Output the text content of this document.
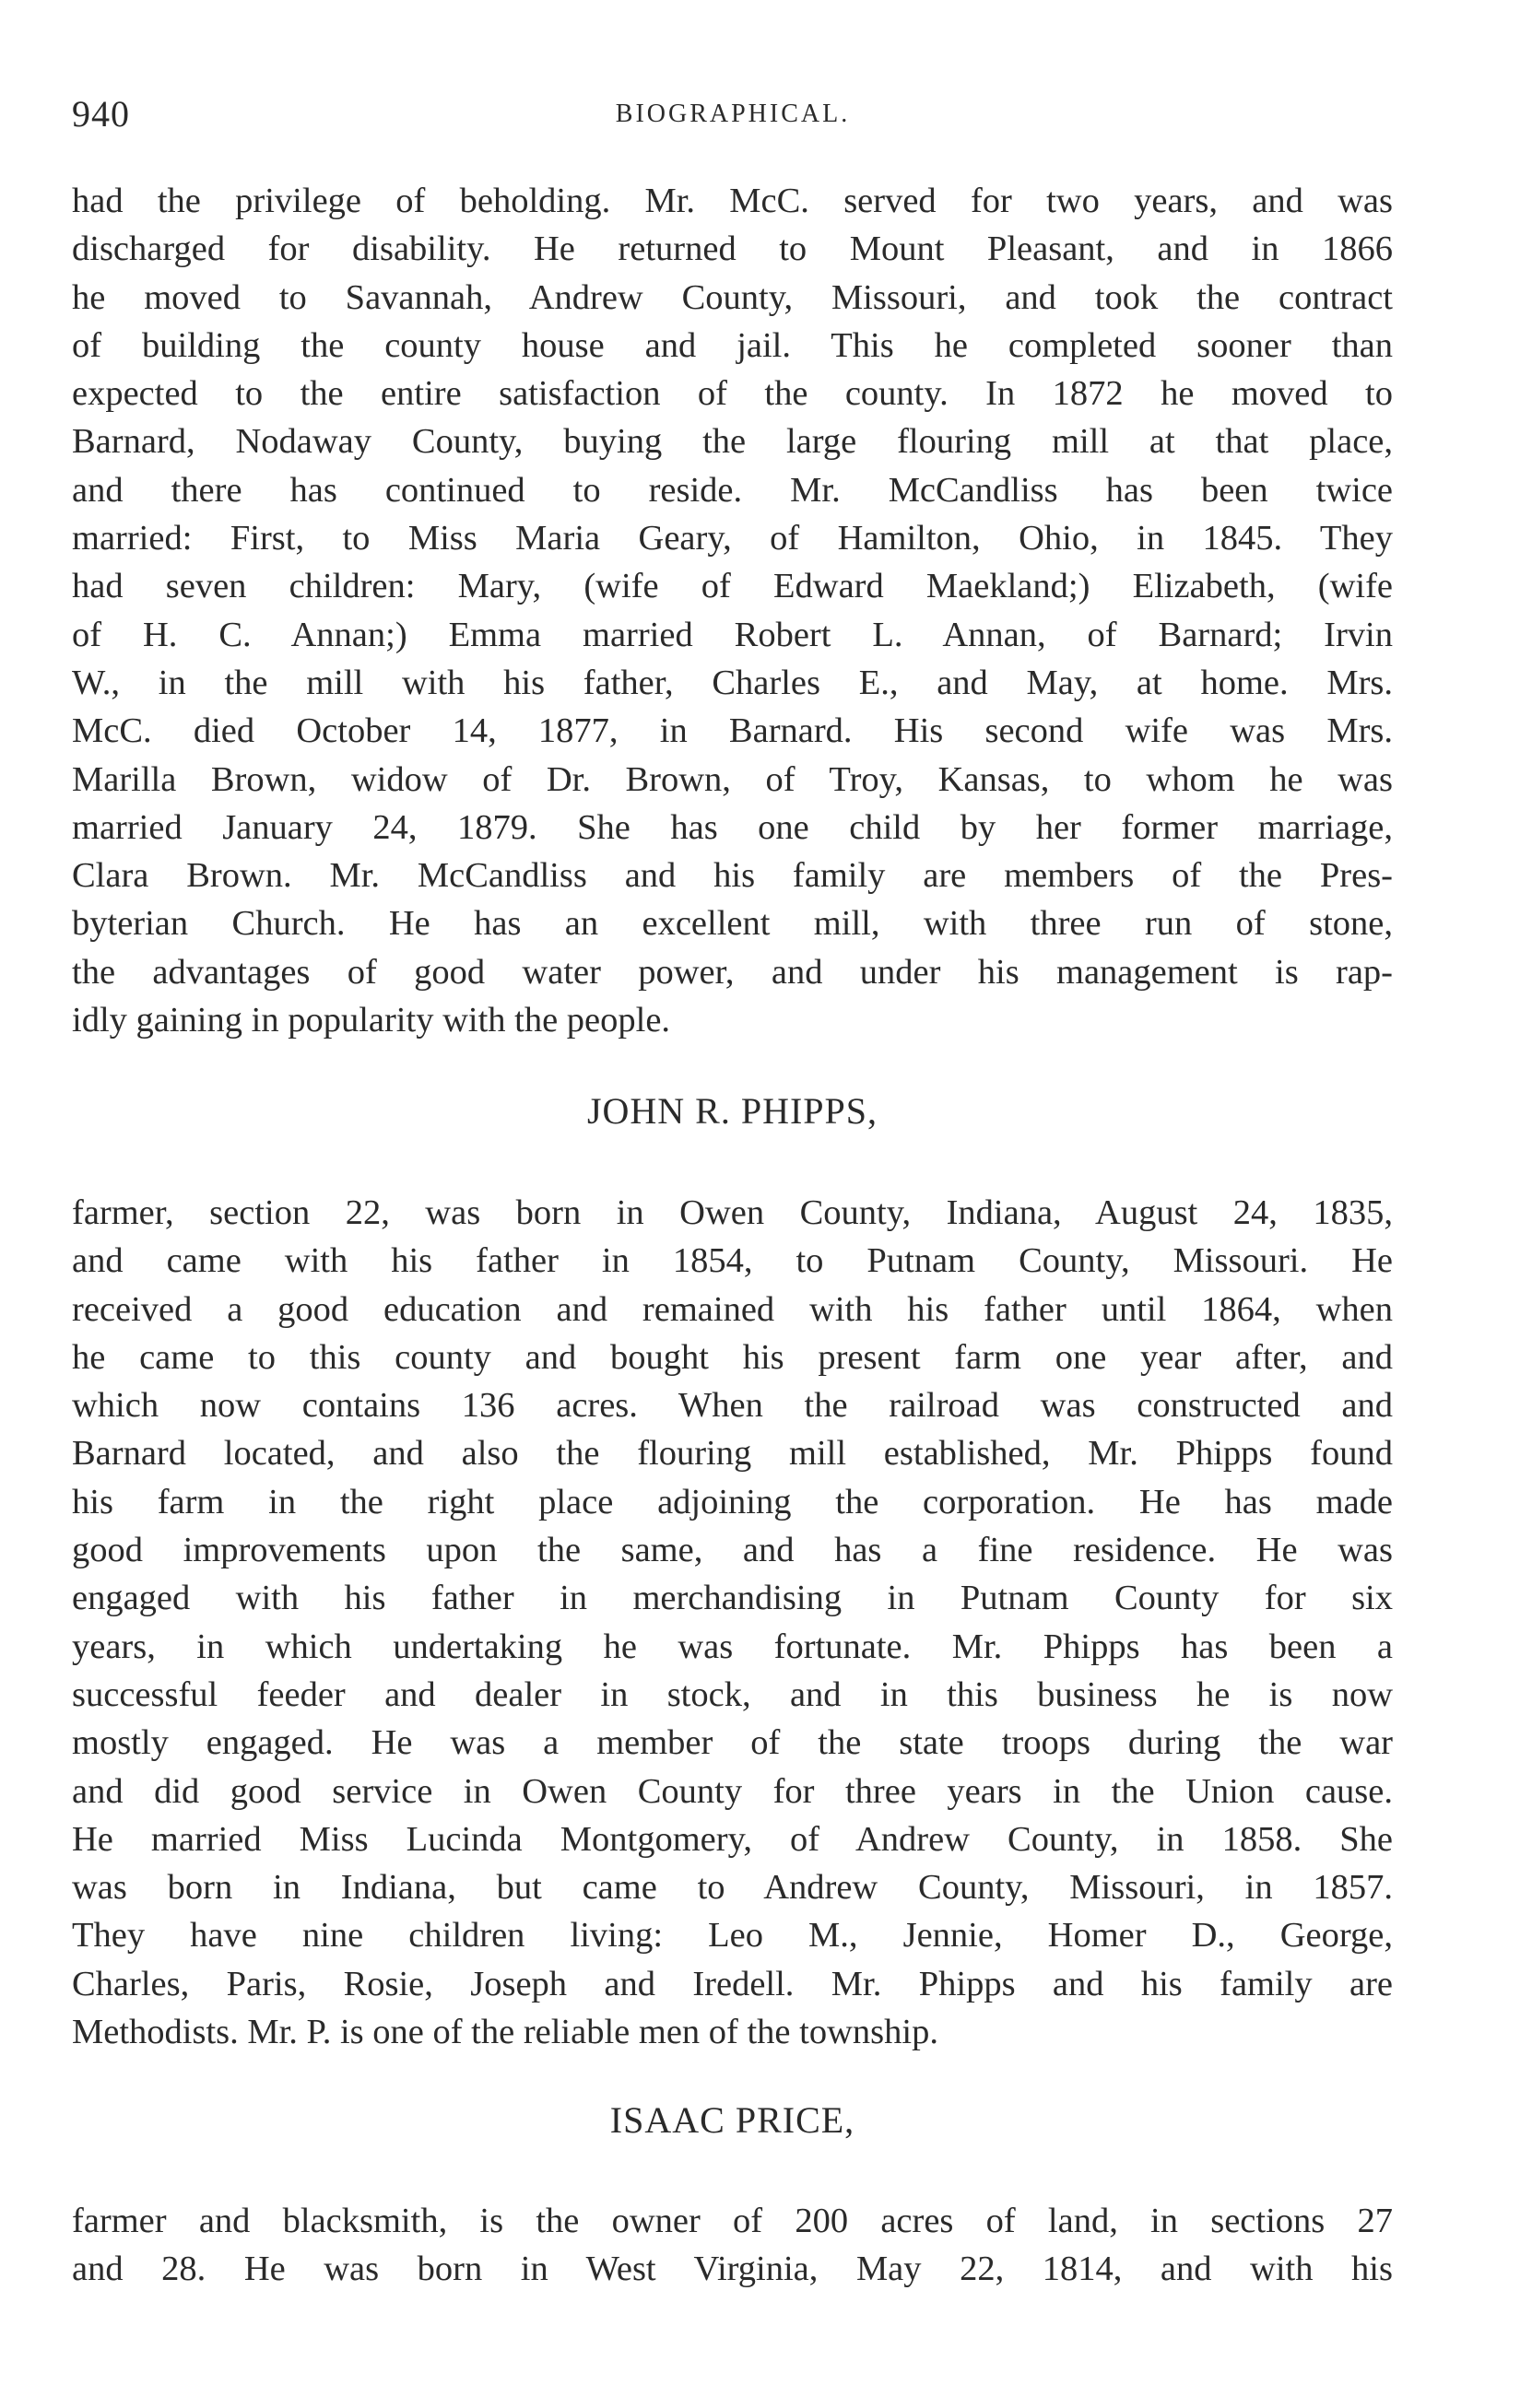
940	BIOGRAPHICAL.
had the privilege of beholding. Mr. McC. served for two years, and was
discharged for disability. He returned to Mount Pleasant, and in 1866
he moved to Savannah, Andrew County, Missouri, and took the contract
of building the county house and jail. This he completed sooner than
expected to the entire satisfaction of the county. In 1872 he moved to
Barnard, Nodaway County, buying the large flouring mill at that place,
and there has continued to reside. Mr. McCandliss has been twice
married: First, to Miss Maria Geary, of Hamilton, Ohio, in 1845. They
had seven children: Mary, (wife of Edward Maekland;) Elizabeth, (wife
of H. C. Annan;) Emma married Robert L. Annan, of Barnard; Irvin
W., in the mill with his father, Charles E., and May, at home. Mrs.
McC. died October 14, 1877, in Barnard. His second wife was Mrs.
Marilla Brown, widow of Dr. Brown, of Troy, Kansas, to whom he was
married January 24, 1879. She has one child by her former marriage,
Clara Brown. Mr. McCandliss and his family are members of the Pres-
byterian Church. He has an excellent mill, with three run of stone,
the advantages of good water power, and under his management is rap-
idly gaining in popularity with the people.
JOHN R. PHIPPS,
farmer, section 22, was born in Owen County, Indiana, August 24, 1835,
and came with his father in 1854, to Putnam County, Missouri. He
received a good education and remained with his father until 1864, when
he came to this county and bought his present farm one year after, and
which now contains 136 acres. When the railroad was constructed and
Barnard located, and also the flouring mill established, Mr. Phipps found
his farm in the right place adjoining the corporation. He has made
good improvements upon the same, and has a fine residence. He was
engaged with his father in merchandising in Putnam County for six
years, in which undertaking he was fortunate. Mr. Phipps has been a
successful feeder and dealer in stock, and in this business he is now
mostly engaged. He was a member of the state troops during the war
and did good service in Owen County for three years in the Union cause.
He married Miss Lucinda Montgomery, of Andrew County, in 1858. She
was born in Indiana, but came to Andrew County, Missouri, in 1857.
They have nine children living: Leo M., Jennie, Homer D., George,
Charles, Paris, Rosie, Joseph and Iredell. Mr. Phipps and his family are
Methodists. Mr. P. is one of the reliable men of the township.
ISAAC PRICE,
farmer and blacksmith, is the owner of 200 acres of land, in sections 27
and 28. He was born in West Virginia, May 22, 1814, and with his
